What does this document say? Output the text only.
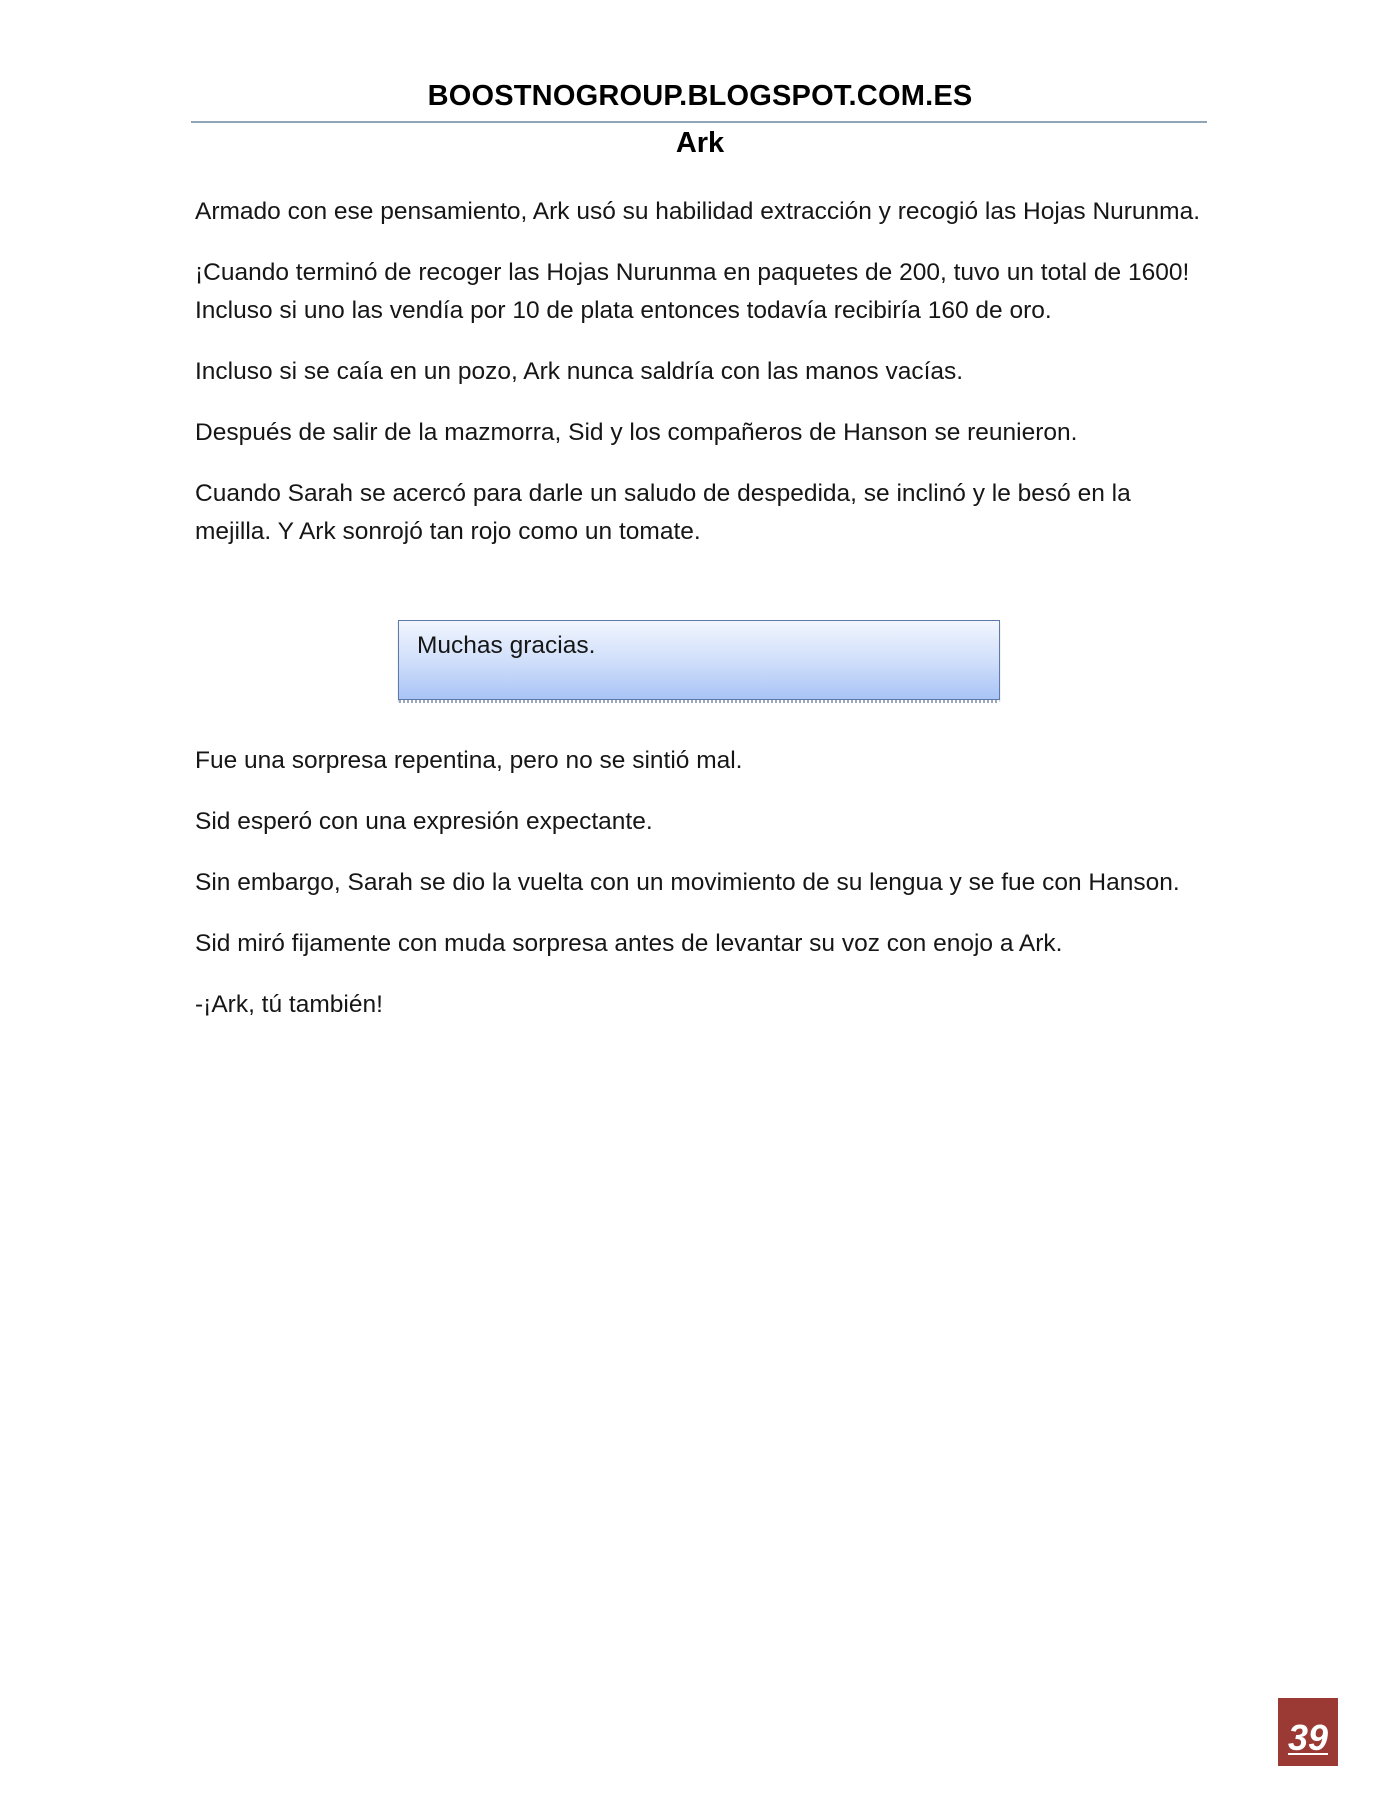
BOOSTNOGROUP.BLOGSPOT.COM.ES
Ark

Armado con ese pensamiento, Ark usó su habilidad extracción y recogió las Hojas Nurunma.

¡Cuando terminó de recoger las Hojas Nurunma en paquetes de 200, tuvo un total de 1600! Incluso si uno las vendía por 10 de plata entonces todavía recibiría 160 de oro.

Incluso si se caía en un pozo, Ark nunca saldría con las manos vacías.

Después de salir de la mazmorra, Sid y los compañeros de Hanson se reunieron.

Cuando Sarah se acercó para darle un saludo de despedida, se inclinó y le besó en la mejilla. Y Ark sonrojó tan rojo como un tomate.

Muchas gracias.

Fue una sorpresa repentina, pero no se sintió mal.

Sid esperó con una expresión expectante.

Sin embargo, Sarah se dio la vuelta con un movimiento de su lengua y se fue con Hanson.

Sid miró fijamente con muda sorpresa antes de levantar su voz con enojo a Ark.

-¡Ark, tú también!

39
